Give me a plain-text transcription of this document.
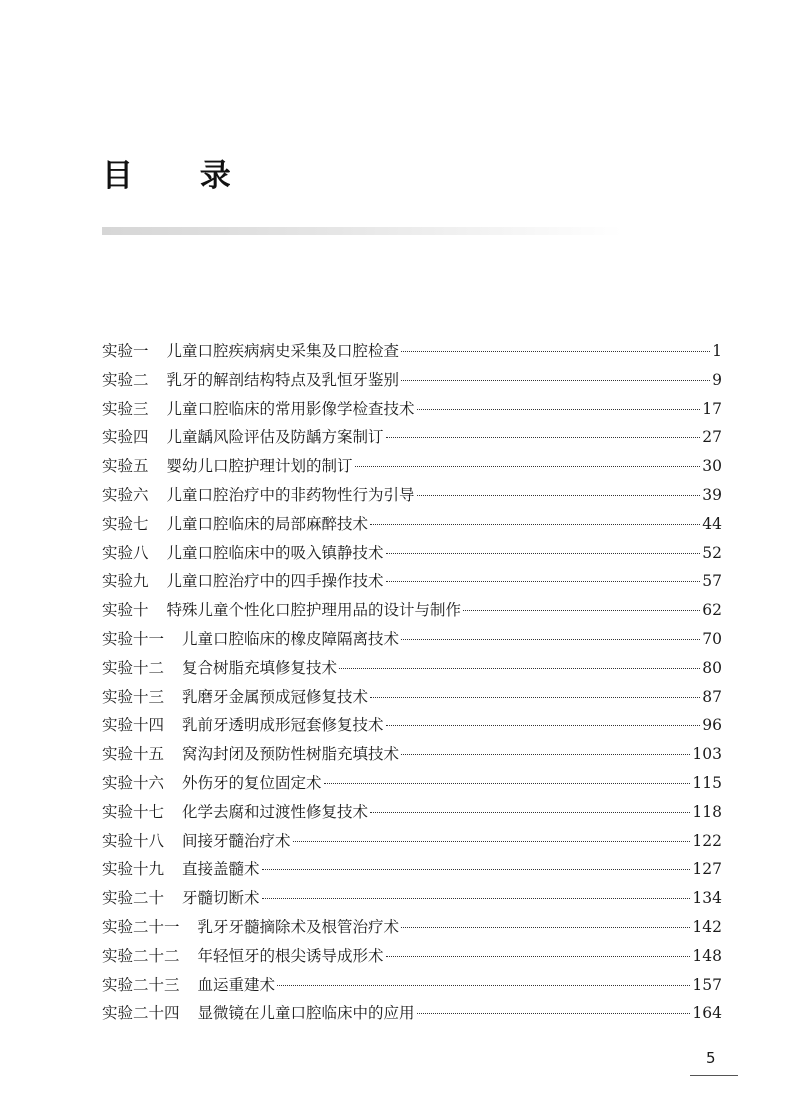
目 录
实验一 儿童口腔疾病病史采集及口腔检查	1
实验二 乳牙的解剖结构特点及乳恒牙鉴别	9
实验三 儿童口腔临床的常用影像学检查技术	17
实验四 儿童龋风险评估及防龋方案制订	27
实验五 婴幼儿口腔护理计划的制订	30
实验六 儿童口腔治疗中的非药物性行为引导	39
实验七 儿童口腔临床的局部麻醉技术	44
实验八 儿童口腔临床中的吸入镇静技术	52
实验九 儿童口腔治疗中的四手操作技术	57
实验十 特殊儿童个性化口腔护理用品的设计与制作	62
实验十一 儿童口腔临床的橡皮障隔离技术	70
实验十二 复合树脂充填修复技术	80
实验十三 乳磨牙金属预成冠修复技术	87
实验十四 乳前牙透明成形冠套修复技术	96
实验十五 窝沟封闭及预防性树脂充填技术	103
实验十六 外伤牙的复位固定术	115
实验十七 化学去腐和过渡性修复技术	118
实验十八 间接牙髓治疗术	122
实验十九 直接盖髓术	127
实验二十 牙髓切断术	134
实验二十一 乳牙牙髓摘除术及根管治疗术	142
实验二十二 年轻恒牙的根尖诱导成形术	148
实验二十三 血运重建术	157
实验二十四 显微镜在儿童口腔临床中的应用	164
5
